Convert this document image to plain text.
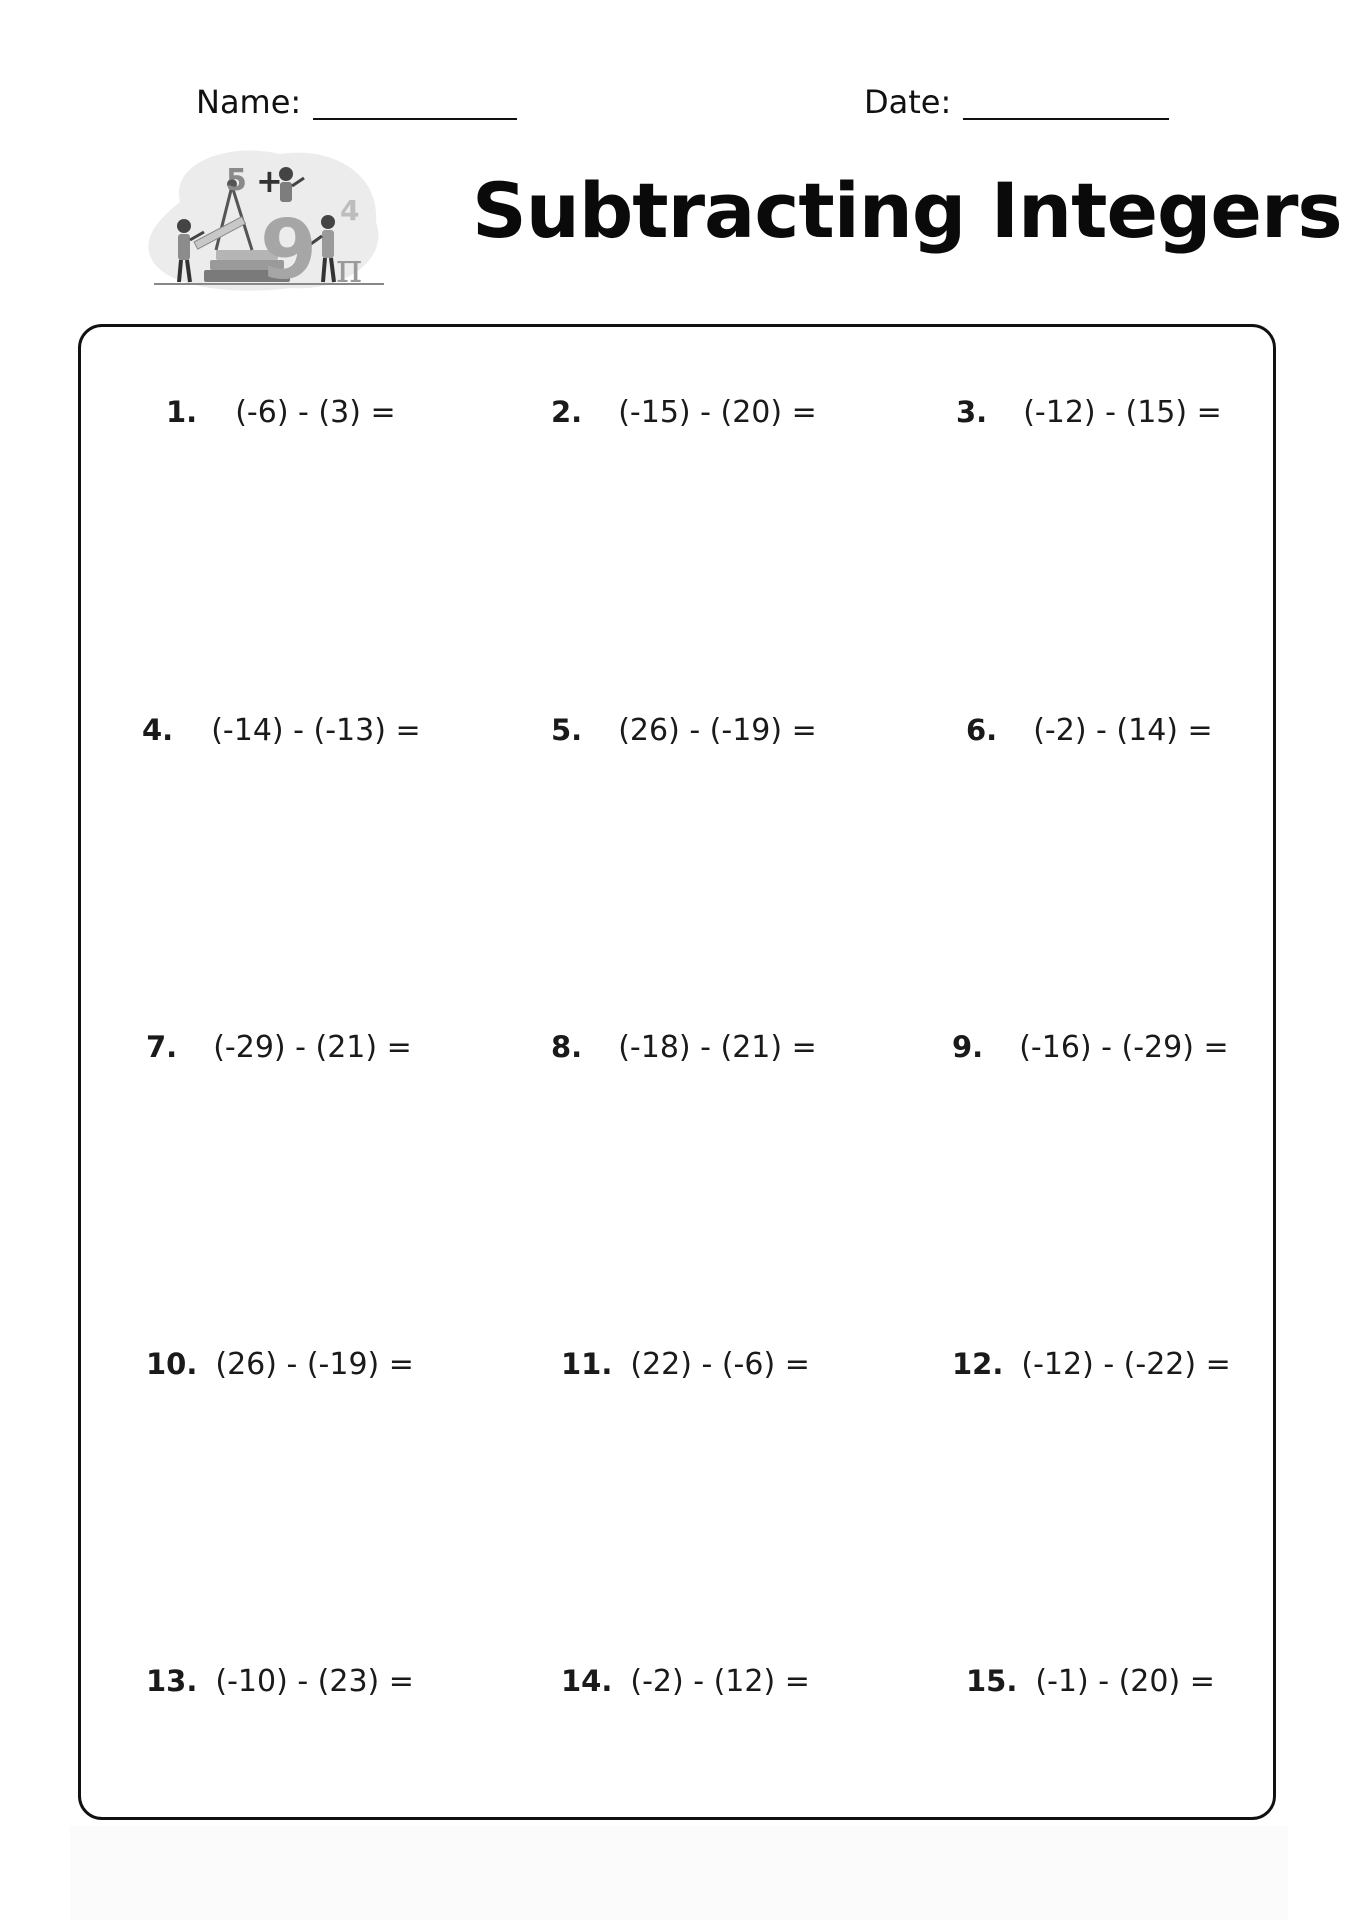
Name:	Date:
5 +
9 4
π
Subtracting Integers
1. (-6) - (3) =	2. (-15) - (20) =	3. (-12) - (15) =
4. (-14) - (-13) =	5. (26) - (-19) =	6. (-2) - (14) =
7. (-29) - (21) =	8. (-18) - (21) =	9. (-16) - (-29) =
10. (26) - (-19) =	11. (22) - (-6) =	12. (-12) - (-22) =
13. (-10) - (23) =	14. (-2) - (12) =	15. (-1) - (20) =
